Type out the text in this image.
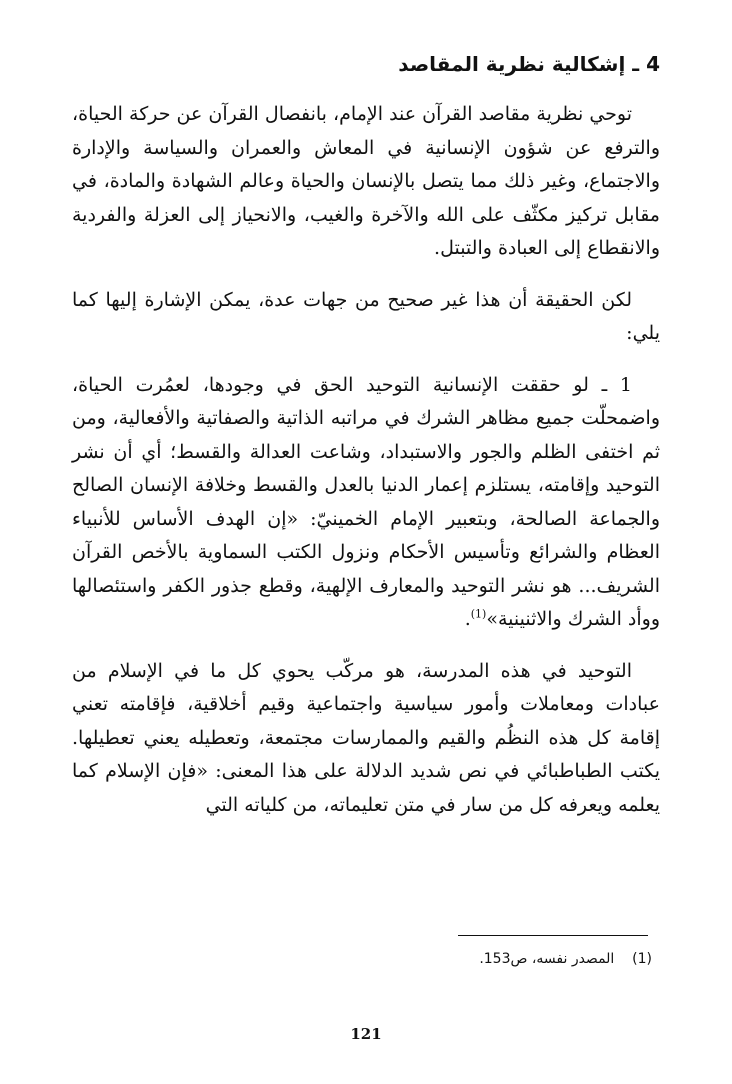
4 ـ إشكالية نظرية المقاصد

توحي نظرية مقاصد القرآن عند الإمام، بانفصال القرآن عن حركة الحياة، والترفع عن شؤون الإنسانية في المعاش والعمران والسياسة والإدارة والاجتماع، وغير ذلك مما يتصل بالإنسان والحياة وعالم الشهادة والمادة، في مقابل تركيز مكثّف على الله والآخرة والغيب، والانحياز إلى العزلة والفردية والانقطاع إلى العبادة والتبتل.

لكن الحقيقة أن هذا غير صحيح من جهات عدة، يمكن الإشارة إليها كما يلي:

1 ـ لو حققت الإنسانية التوحيد الحق في وجودها، لعمُرت الحياة، واضمحلّت جميع مظاهر الشرك في مراتبه الذاتية والصفاتية والأفعالية، ومن ثم اختفى الظلم والجور والاستبداد، وشاعت العدالة والقسط؛ أي أن نشر التوحيد وإقامته، يستلزم إعمار الدنيا بالعدل والقسط وخلافة الإنسان الصالح والجماعة الصالحة، وبتعبير الإمام الخمينيّ: «إن الهدف الأساس للأنبياء العظام والشرائع وتأسيس الأحكام ونزول الكتب السماوية بالأخص القرآن الشريف... هو نشر التوحيد والمعارف الإلهية، وقطع جذور الكفر واستئصالها ووأد الشرك والاثنينية»$^{(1)}$.

التوحيد في هذه المدرسة، هو مركّب يحوي كل ما في الإسلام من عبادات ومعاملات وأمور سياسية واجتماعية وقيم أخلاقية، فإقامته تعني إقامة كل هذه النظُم والقيم والممارسات مجتمعة، وتعطيله يعني تعطيلها. يكتب الطباطبائي في نص شديد الدلالة على هذا المعنى: «فإن الإسلام كما يعلمه ويعرفه كل من سار في متن تعليماته، من كلياته التي

(1)    المصدر نفسه، ص153.
121
